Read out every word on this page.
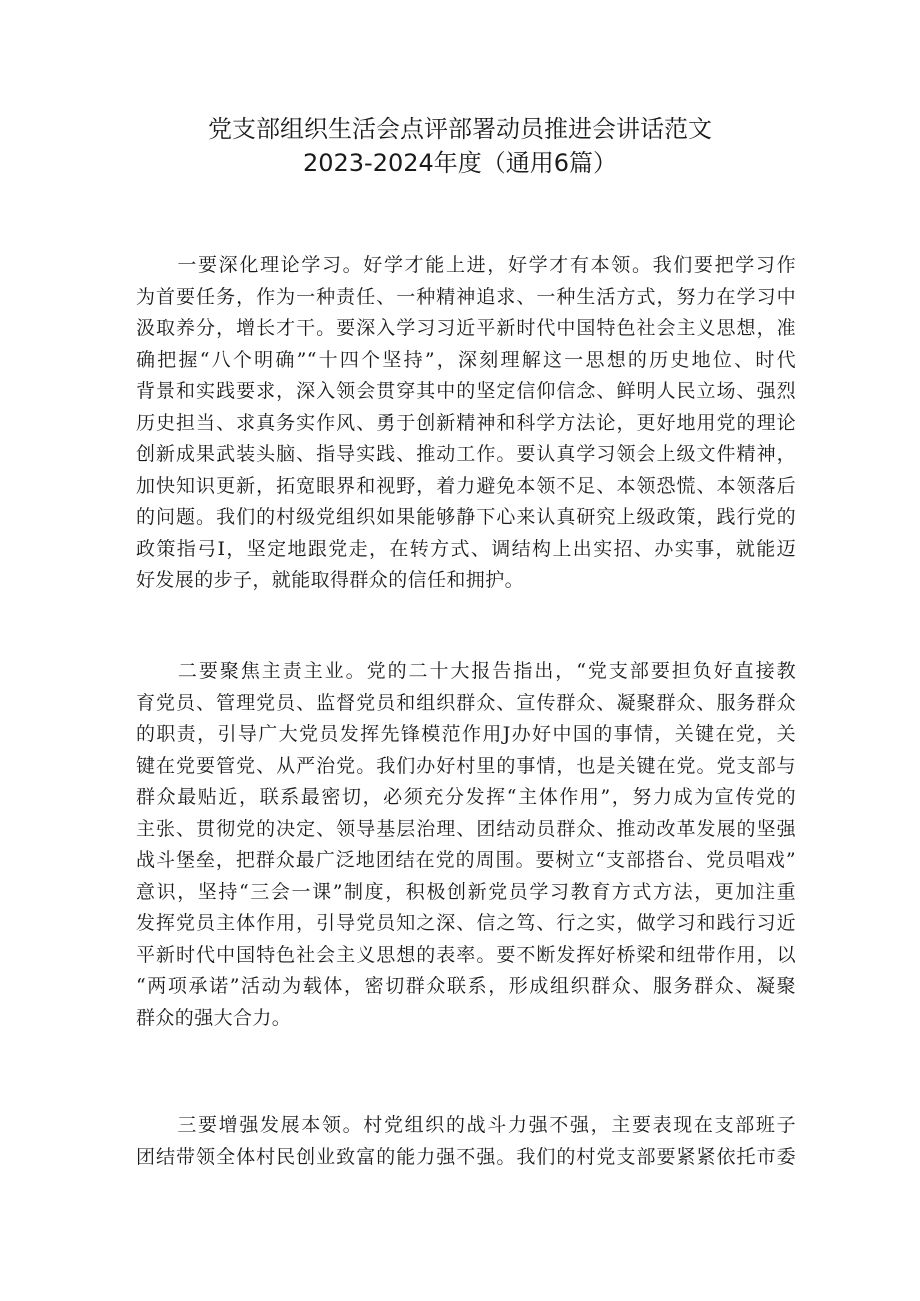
党支部组织生活会点评部署动员推进会讲话范文
2023-2024年度（通用6篇）
　　一要深化理论学习。好学才能上进，好学才有本领。我们要把学习作
为首要任务，作为一种责任、一种精神追求、一种生活方式，努力在学习中
汲取养分，增长才干。要深入学习习近平新时代中国特色社会主义思想，准
确把握“八个明确”“十四个坚持”，深刻理解这一思想的历史地位、时代
背景和实践要求，深入领会贯穿其中的坚定信仰信念、鲜明人民立场、强烈
历史担当、求真务实作风、勇于创新精神和科学方法论，更好地用党的理论
创新成果武装头脑、指导实践、推动工作。要认真学习领会上级文件精神，
加快知识更新，拓宽眼界和视野，着力避免本领不足、本领恐慌、本领落后
的问题。我们的村级党组织如果能够静下心来认真研究上级政策，践行党的
政策指弓I，坚定地跟党走，在转方式、调结构上出实招、办实事，就能迈
好发展的步子，就能取得群众的信任和拥护。
　　二要聚焦主责主业。党的二十大报告指出，“党支部要担负好直接教
育党员、管理党员、监督党员和组织群众、宣传群众、凝聚群众、服务群众
的职责，引导广大党员发挥先锋模范作用J办好中国的事情，关键在党，关
键在党要管党、从严治党。我们办好村里的事情，也是关键在党。党支部与
群众最贴近，联系最密切，必须充分发挥“主体作用”，努力成为宣传党的
主张、贯彻党的决定、领导基层治理、团结动员群众、推动改革发展的坚强
战斗堡垒，把群众最广泛地团结在党的周围。要树立“支部搭台、党员唱戏”
意识，坚持“三会一课”制度，积极创新党员学习教育方式方法，更加注重
发挥党员主体作用，引导党员知之深、信之笃、行之实，做学习和践行习近
平新时代中国特色社会主义思想的表率。要不断发挥好桥梁和纽带作用，以
“两项承诺”活动为载体，密切群众联系，形成组织群众、服务群众、凝聚
群众的强大合力。
　　三要增强发展本领。村党组织的战斗力强不强，主要表现在支部班子
团结带领全体村民创业致富的能力强不强。我们的村党支部要紧紧依托市委
